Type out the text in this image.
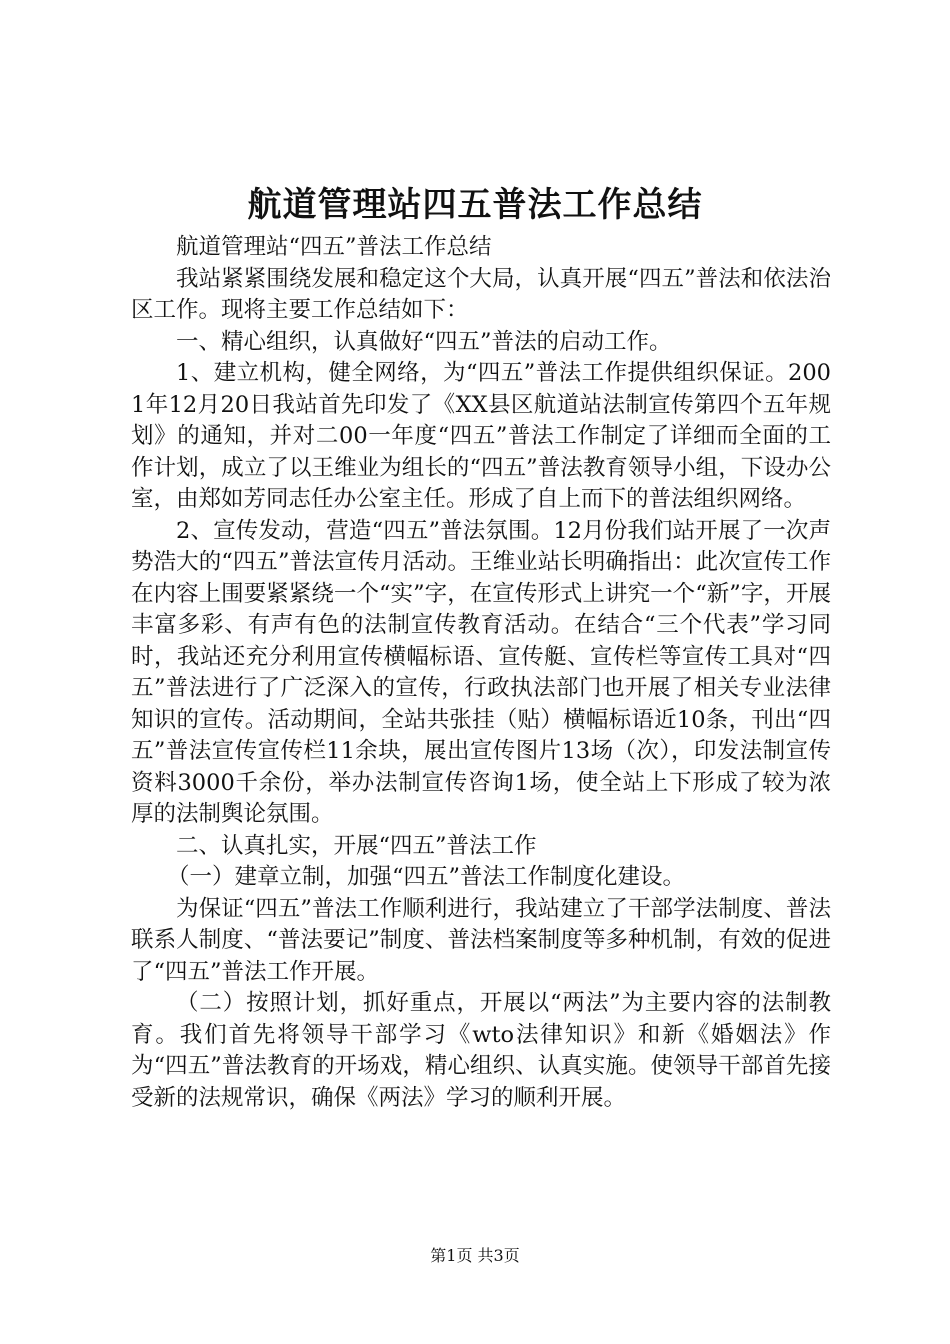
航道管理站四五普法工作总结

航道管理站“四五”普法工作总结

我站紧紧围绕发展和稳定这个大局，认真开展“四五”普法和依法治区工作。现将主要工作总结如下：

一、精心组织，认真做好“四五”普法的启动工作。

1、建立机构，健全网络，为“四五”普法工作提供组织保证。2001年12月20日我站首先印发了《XX县区航道站法制宣传第四个五年规划》的通知，并对二00一年度“四五”普法工作制定了详细而全面的工作计划，成立了以王维业为组长的“四五”普法教育领导小组，下设办公室，由郑如芳同志任办公室主任。形成了自上而下的普法组织网络。

2、宣传发动，营造“四五”普法氛围。12月份我们站开展了一次声势浩大的“四五”普法宣传月活动。王维业站长明确指出：此次宣传工作在内容上围要紧紧绕一个“实”字，在宣传形式上讲究一个“新”字，开展丰富多彩、有声有色的法制宣传教育活动。在结合“三个代表”学习同时，我站还充分利用宣传横幅标语、宣传艇、宣传栏等宣传工具对“四五”普法进行了广泛深入的宣传，行政执法部门也开展了相关专业法律知识的宣传。活动期间，全站共张挂（贴）横幅标语近10条，刊出“四五”普法宣传宣传栏11余块，展出宣传图片13场（次），印发法制宣传资料3000千余份，举办法制宣传咨询1场，使全站上下形成了较为浓厚的法制舆论氛围。

二、认真扎实，开展“四五”普法工作

（一）建章立制，加强“四五”普法工作制度化建设。

为保证“四五”普法工作顺利进行，我站建立了干部学法制度、普法联系人制度、“普法要记”制度、普法档案制度等多种机制，有效的促进了“四五”普法工作开展。

（二）按照计划，抓好重点，开展以“两法”为主要内容的法制教育。我们首先将领导干部学习《wto法律知识》和新《婚姻法》作为“四五”普法教育的开场戏，精心组织、认真实施。使领导干部首先接受新的法规常识，确保《两法》学习的顺利开展。

第1页 共3页
